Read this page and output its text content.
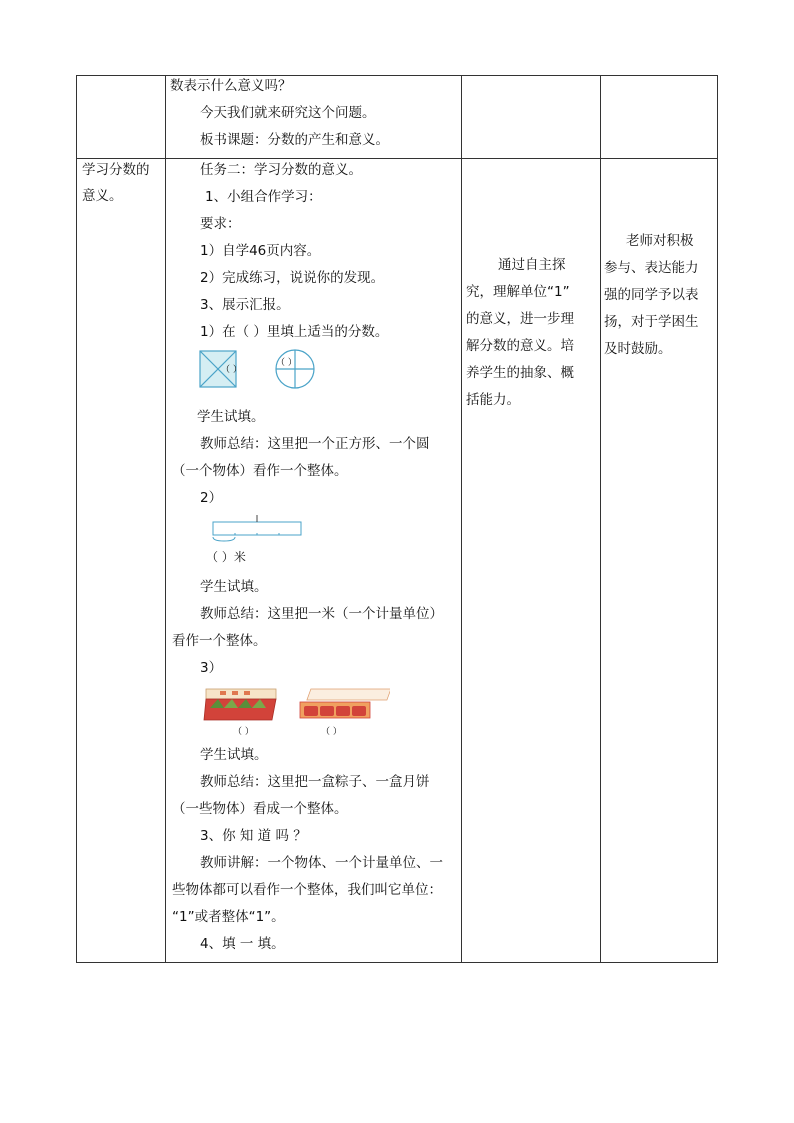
数表示什么意义吗？
今天我们就来研究这个问题。
板书课题：分数的产生和意义。
学习分数的
意义。
任务二：学习分数的意义。
1、小组合作学习：
要求：
1）自学46页内容。
2）完成练习，说说你的发现。
3、展示汇报。
1）在（ ）里填上适当的分数。
（ ）
（ ）
学生试填。
教师总结：这里把一个正方形、一个圆
（一个物体）看作一个整体。
2）
（ ）米
学生试填。
教师总结：这里把一米（一个计量单位）
看作一个整体。
3）
（ ）	（ ）
学生试填。
教师总结：这里把一盒粽子、一盒月饼
（一些物体）看成一个整体。
3、你 知 道 吗 ？
教师讲解：一个物体、一个计量单位、一
些物体都可以看作一个整体，我们叫它单位：
“1”或者整体“1”。
4、填 一 填。
通过自主探
究，理解单位“1”
的意义，进一步理
解分数的意义。培
养学生的抽象、概
括能力。
老师对积极
参与、表达能力
强的同学予以表
扬，对于学困生
及时鼓励。
